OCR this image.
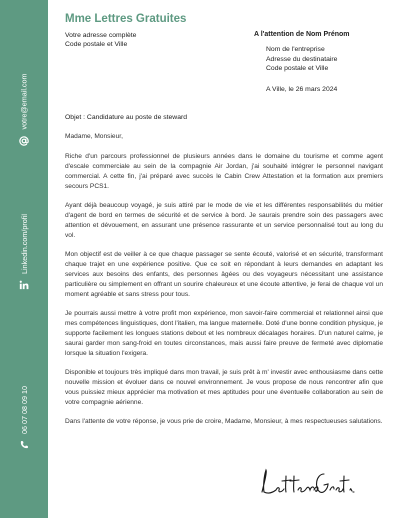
votre@email.com
Linkedin.com/profil
06 07 08 09 10
Mme Lettres Gratuites
Votre adresse complète
Code postale et Ville
A l'attention de Nom Prénom
Nom de l'entreprise
Adresse du destinataire
Code postale et Ville
A Ville, le 26 mars 2024
Objet : Candidature au poste de steward

Madame, Monsieur,

Riche d'un parcours professionnel de plusieurs années dans le domaine du tourisme et comme agent d'escale commerciale au sein de la compagnie Air Jordan, j'ai souhaité intégrer le personnel navigant commercial. A cette fin, j'ai préparé avec succès le Cabin Crew Attestation et la formation aux premiers secours PCS1.

Ayant déjà beaucoup voyagé, je suis attiré par le mode de vie et les différentes responsabilités du métier d'agent de bord en termes de sécurité et de service à bord. Je saurais prendre soin des passagers avec attention et dévouement, en assurant une présence rassurante et un service personnalisé tout au long du vol.

Mon objectif est de veiller à ce que chaque passager se sente écouté, valorisé et en sécurité, transformant chaque trajet en une expérience positive. Que ce soit en répondant à leurs demandes en adaptant les services aux besoins des enfants, des personnes âgées ou des voyageurs nécessitant une assistance particulière ou simplement en offrant un sourire chaleureux et une écoute attentive, je ferai de chaque vol un moment agréable et sans stress pour tous.

Je pourrais aussi mettre à votre profit mon expérience, mon savoir-faire commercial et relationnel ainsi que mes compétences linguistiques, dont l'italien, ma langue maternelle. Doté d'une bonne condition physique, je supporte facilement les longues stations debout et les nombreux décalages horaires. D'un naturel calme, je saurai garder mon sang-froid en toutes circonstances, mais aussi faire preuve de fermeté avec diplomatie lorsque la situation l'exigera.

Disponible et toujours très impliqué dans mon travail, je suis prêt à m' investir avec enthousiasme dans cette nouvelle mission et évoluer dans ce nouvel environnement. Je vous propose de nous rencontrer afin que vous puissiez mieux apprécier ma motivation et mes aptitudes pour une éventuelle collaboration au sein de votre compagnie aérienne.

Dans l'attente de votre réponse, je vous prie de croire, Madame, Monsieur, à mes respectueuses salutations.
